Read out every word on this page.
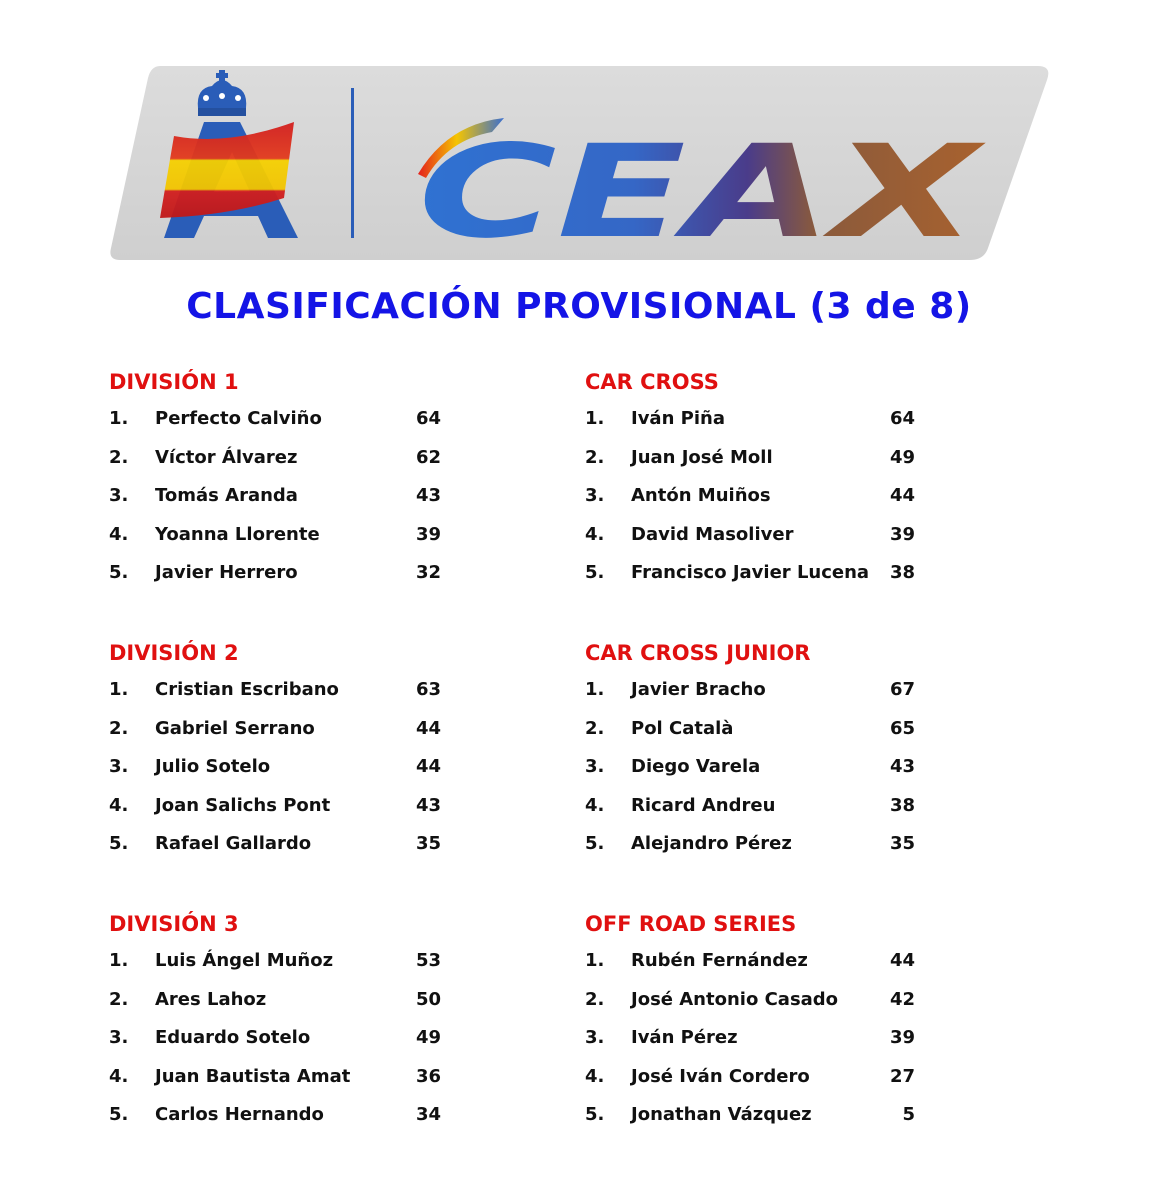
CEAX
CLASIFICACIÓN PROVISIONAL (3 de 8)
DIVISIÓN 1
1. Perfecto Calviño	64
2. Víctor Álvarez	62
3. Tomás Aranda	43
4. Yoanna Llorente	39
5. Javier Herrero	32
CAR CROSS
1. Iván Piña	64
2. Juan José Moll	49
3. Antón Muiños	44
4. David Masoliver	39
5. Francisco Javier Lucena	38
DIVISIÓN 2
1. Cristian Escribano	63
2. Gabriel Serrano	44
3. Julio Sotelo	44
4. Joan Salichs Pont	43
5. Rafael Gallardo	35
CAR CROSS JUNIOR
1. Javier Bracho	67
2. Pol Català	65
3. Diego Varela	43
4. Ricard Andreu	38
5. Alejandro Pérez	35
DIVISIÓN 3
1. Luis Ángel Muñoz	53
2. Ares Lahoz	50
3. Eduardo Sotelo	49
4. Juan Bautista Amat	36
5. Carlos Hernando	34
OFF ROAD SERIES
1. Rubén Fernández	44
2. José Antonio Casado	42
3. Iván Pérez	39
4. José Iván Cordero	27
5. Jonathan Vázquez	5
